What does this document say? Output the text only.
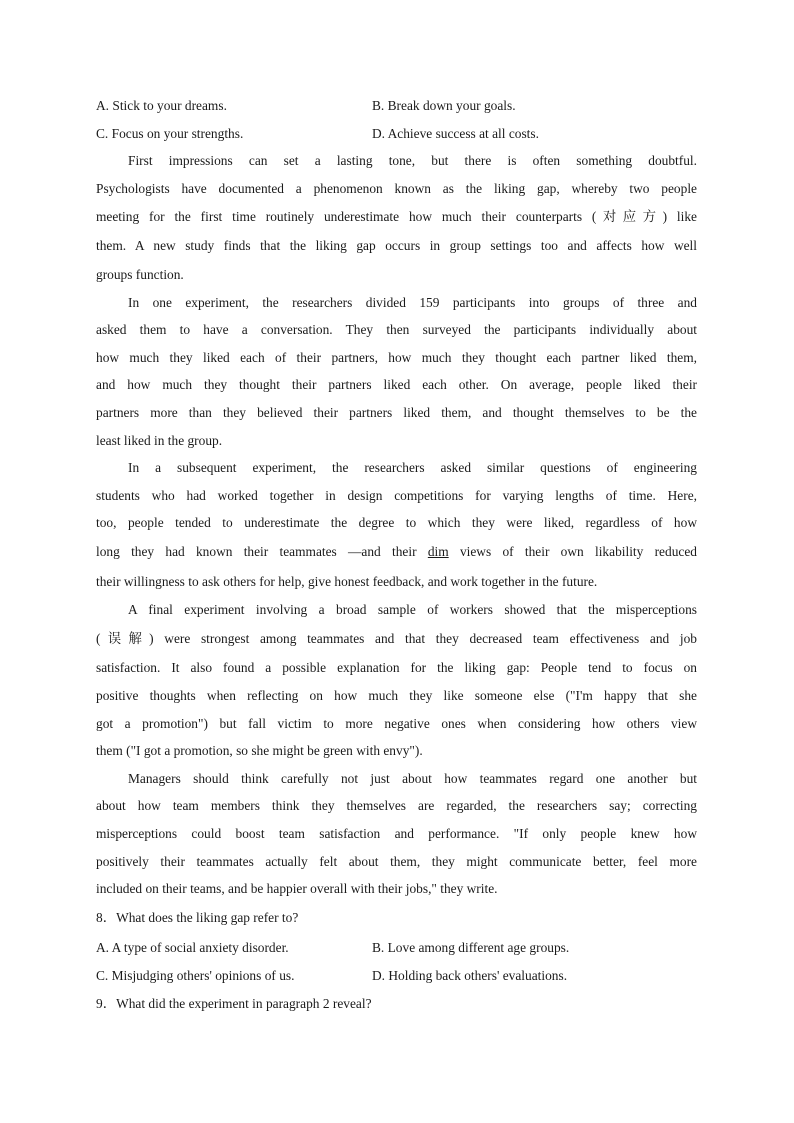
A. Stick to your dreams.	B. Break down your goals.
C. Focus on your strengths.	D. Achieve success at all costs.
First impressions can set a lasting tone, but there is often something doubtful.
Psychologists have documented a phenomenon known as the liking gap, whereby two people
meeting for the first time routinely underestimate how much their counterparts (对应方) like
them. A new study finds that the liking gap occurs in group settings too and affects how well
groups function.
In one experiment, the researchers divided 159 participants into groups of three and
asked them to have a conversation. They then surveyed the participants individually about
how much they liked each of their partners, how much they thought each partner liked them,
and how much they thought their partners liked each other. On average, people liked their
partners more than they believed their partners liked them, and thought themselves to be the
least liked in the group.
In a subsequent experiment, the researchers asked similar questions of engineering
students who had worked together in design competitions for varying lengths of time. Here,
too, people tended to underestimate the degree to which they were liked, regardless of how
long they had known their teammates —and their dim views of their own likability reduced
their willingness to ask others for help, give honest feedback, and work together in the future.
A final experiment involving a broad sample of workers showed that the misperceptions
(误解) were strongest among teammates and that they decreased team effectiveness and job
satisfaction. It also found a possible explanation for the liking gap: People tend to focus on
positive thoughts when reflecting on how much they like someone else ("I'm happy that she
got a promotion") but fall victim to more negative ones when considering how others view
them ("I got a promotion, so she might be green with envy").
Managers should think carefully not just about how teammates regard one another but
about how team members think they themselves are regarded, the researchers say; correcting
misperceptions could boost team satisfaction and performance. "If only people knew how
positively their teammates actually felt about them, they might communicate better, feel more
included on their teams, and be happier overall with their jobs," they write.
8．What does the liking gap refer to?
A. A type of social anxiety disorder.	B. Love among different age groups.
C. Misjudging others' opinions of us.	D. Holding back others' evaluations.
9．What did the experiment in paragraph 2 reveal?
